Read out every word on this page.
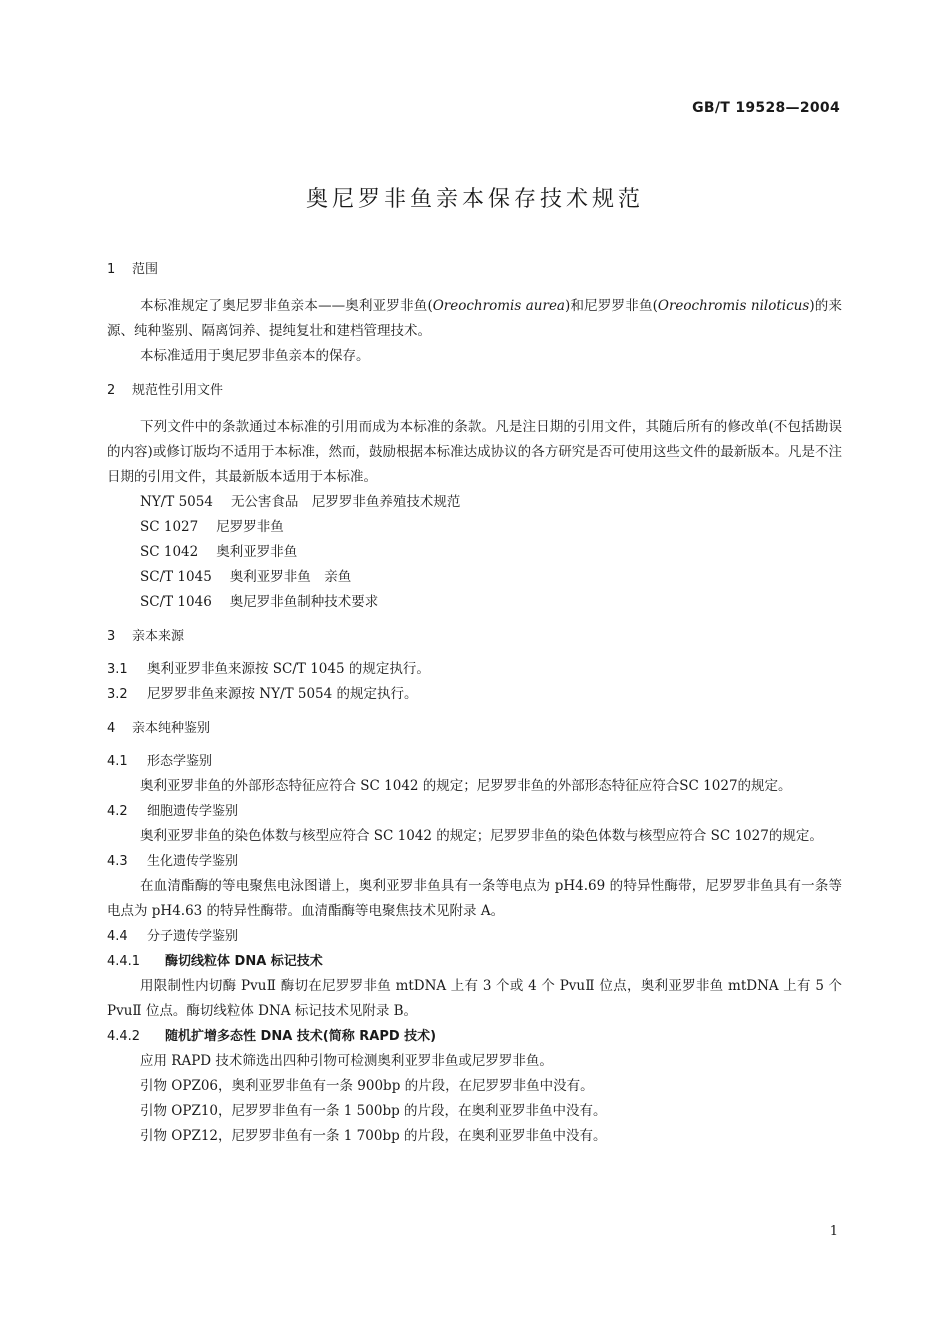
GB/T 19528—2004
奥尼罗非鱼亲本保存技术规范
1 范围

本标准规定了奥尼罗非鱼亲本——奥利亚罗非鱼(Oreochromis aurea)和尼罗罗非鱼(Oreochromis niloticus)的来源、纯种鉴别、隔离饲养、提纯复壮和建档管理技术。

本标准适用于奥尼罗非鱼亲本的保存。

2 规范性引用文件

下列文件中的条款通过本标准的引用而成为本标准的条款。凡是注日期的引用文件，其随后所有的修改单(不包括勘误的内容)或修订版均不适用于本标准，然而，鼓励根据本标准达成协议的各方研究是否可使用这些文件的最新版本。凡是不注日期的引用文件，其最新版本适用于本标准。

NY/T 5054 无公害食品　尼罗罗非鱼养殖技术规范
SC 1027 尼罗罗非鱼
SC 1042 奥利亚罗非鱼
SC/T 1045 奥利亚罗非鱼　亲鱼
SC/T 1046 奥尼罗非鱼制种技术要求
3 亲本来源
3.1 奥利亚罗非鱼来源按 SC/T 1045 的规定执行。
3.2 尼罗罗非鱼来源按 NY/T 5054 的规定执行。
4 亲本纯种鉴别
4.1 形态学鉴别

奥利亚罗非鱼的外部形态特征应符合 SC 1042 的规定；尼罗罗非鱼的外部形态特征应符合SC 1027的规定。

4.2 细胞遗传学鉴别

奥利亚罗非鱼的染色体数与核型应符合 SC 1042 的规定；尼罗罗非鱼的染色体数与核型应符合 SC 1027的规定。

4.3 生化遗传学鉴别

在血清酯酶的等电聚焦电泳图谱上，奥利亚罗非鱼具有一条等电点为 pH4.69 的特异性酶带，尼罗罗非鱼具有一条等电点为 pH4.63 的特异性酶带。血清酯酶等电聚焦技术见附录 A。

4.4 分子遗传学鉴别
4.4.1 酶切线粒体 DNA 标记技术

用限制性内切酶 PvuⅡ 酶切在尼罗罗非鱼 mtDNA 上有 3 个或 4 个 PvuⅡ 位点，奥利亚罗非鱼 mtDNA 上有 5 个 PvuⅡ 位点。酶切线粒体 DNA 标记技术见附录 B。

4.4.2 随机扩增多态性 DNA 技术(简称 RAPD 技术)

应用 RAPD 技术筛选出四种引物可检测奥利亚罗非鱼或尼罗罗非鱼。

引物 OPZ06，奥利亚罗非鱼有一条 900bp 的片段，在尼罗罗非鱼中没有。

引物 OPZ10，尼罗罗非鱼有一条 1 500bp 的片段，在奥利亚罗非鱼中没有。

引物 OPZ12，尼罗罗非鱼有一条 1 700bp 的片段，在奥利亚罗非鱼中没有。

1
